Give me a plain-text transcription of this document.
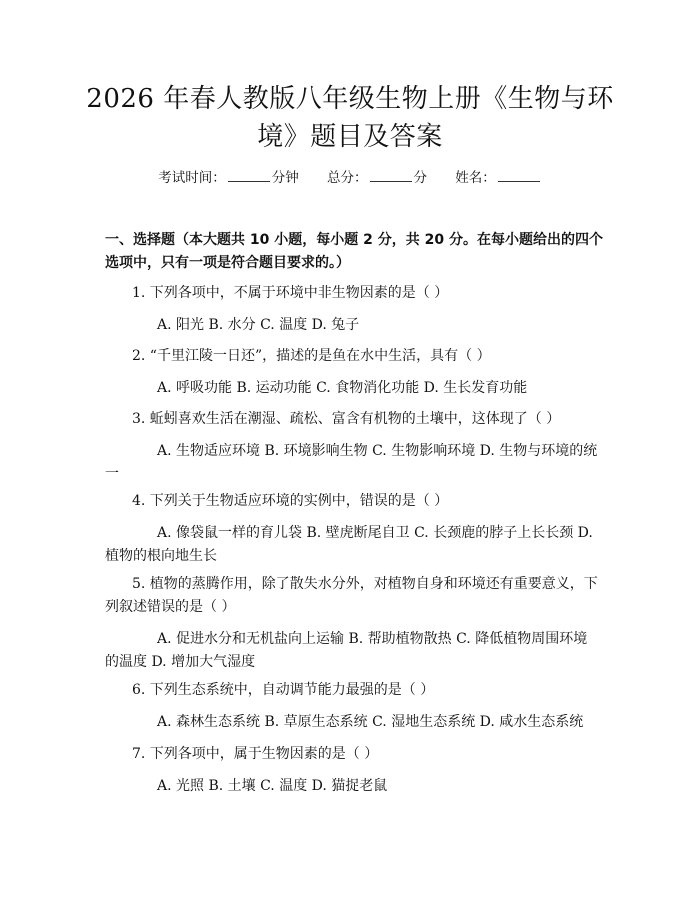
2026 年春人教版八年级生物上册《生物与环
境》题目及答案
考试时间：	分钟 总分：	分 姓名：
一、选择题（本大题共 10 小题，每小题 2 分，共 20 分。在每小题给出的四个选项中，只有一项是符合题目要求的。）

1. 下列各项中，不属于环境中非生物因素的是（ ）

A. 阳光 B. 水分 C. 温度 D. 兔子

2. “千里江陵一日还”，描述的是鱼在水中生活，具有（ ）

A. 呼吸功能 B. 运动功能 C. 食物消化功能 D. 生长发育功能

3. 蚯蚓喜欢生活在潮湿、疏松、富含有机物的土壤中，这体现了（ ）

A. 生物适应环境 B. 环境影响生物 C. 生物影响环境 D. 生物与环境的统一

4. 下列关于生物适应环境的实例中，错误的是（ ）

A. 像袋鼠一样的育儿袋 B. 壁虎断尾自卫 C. 长颈鹿的脖子上长长颈 D. 植物的根向地生长

5. 植物的蒸腾作用，除了散失水分外，对植物自身和环境还有重要意义，下列叙述错误的是（ ）

A. 促进水分和无机盐向上运输 B. 帮助植物散热 C. 降低植物周围环境的温度 D. 增加大气湿度

6. 下列生态系统中，自动调节能力最强的是（ ）

A. 森林生态系统 B. 草原生态系统 C. 湿地生态系统 D. 咸水生态系统

7. 下列各项中，属于生物因素的是（ ）

A. 光照 B. 土壤 C. 温度 D. 猫捉老鼠
